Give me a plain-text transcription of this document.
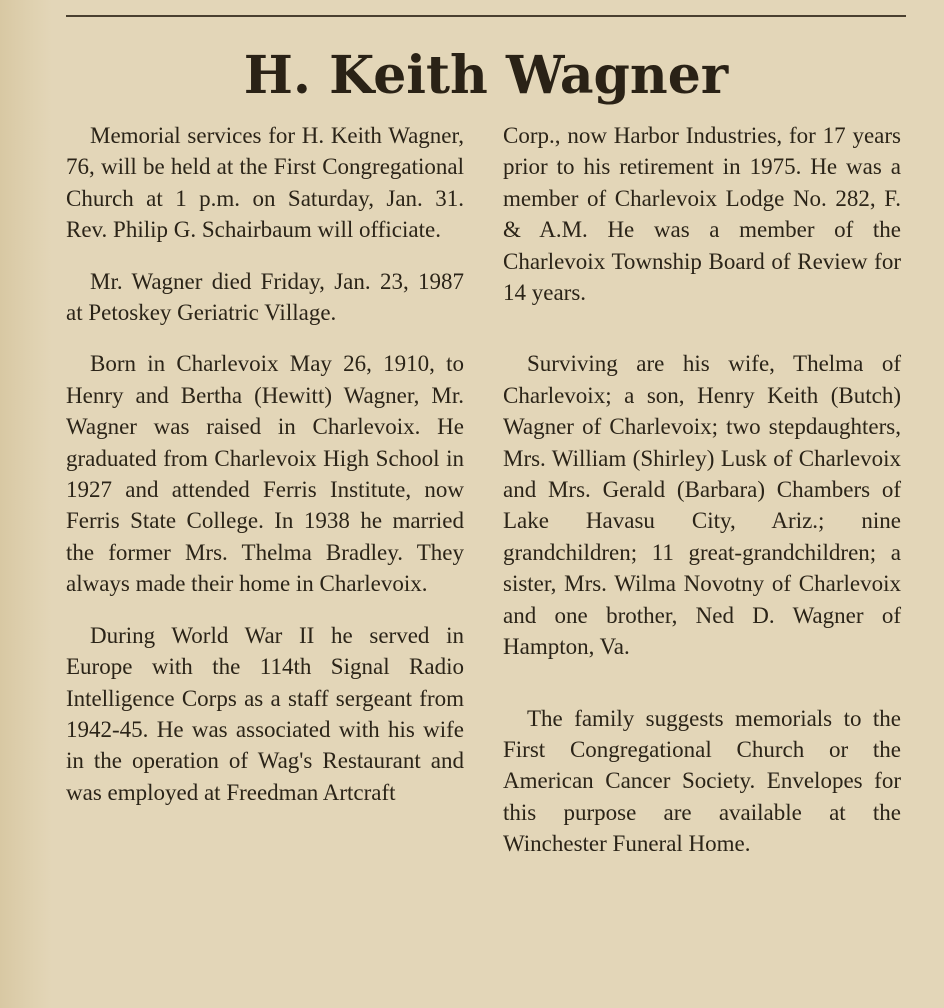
H. Keith Wagner

Memorial services for H. Keith Wagner, 76, will be held at the First Congregational Church at 1 p.m. on Saturday, Jan. 31. Rev. Philip G. Schairbaum will officiate.

Mr. Wagner died Friday, Jan. 23, 1987 at Petoskey Geriatric Village.

Born in Charlevoix May 26, 1910, to Henry and Bertha (Hewitt) Wagner, Mr. Wagner was raised in Charlevoix. He graduated from Charlevoix High School in 1927 and attended Ferris Institute, now Ferris State College. In 1938 he married the former Mrs. Thelma Bradley. They always made their home in Charlevoix.

During World War II he served in Europe with the 114th Signal Radio Intelligence Corps as a staff sergeant from 1942-45. He was associated with his wife in the operation of Wag's Restaurant and was employed at Freedman Artcraft

Corp., now Harbor Industries, for 17 years prior to his retirement in 1975. He was a member of Charlevoix Lodge No. 282, F. & A.M. He was a member of the Charlevoix Township Board of Review for 14 years.

Surviving are his wife, Thelma of Charlevoix; a son, Henry Keith (Butch) Wagner of Charlevoix; two stepdaughters, Mrs. William (Shirley) Lusk of Charlevoix and Mrs. Gerald (Barbara) Chambers of Lake Havasu City, Ariz.; nine grandchildren; 11 great-grandchildren; a sister, Mrs. Wilma Novotny of Charlevoix and one brother, Ned D. Wagner of Hampton, Va.

The family suggests memorials to the First Congregational Church or the American Cancer Society. Envelopes for this purpose are available at the Winchester Funeral Home.
